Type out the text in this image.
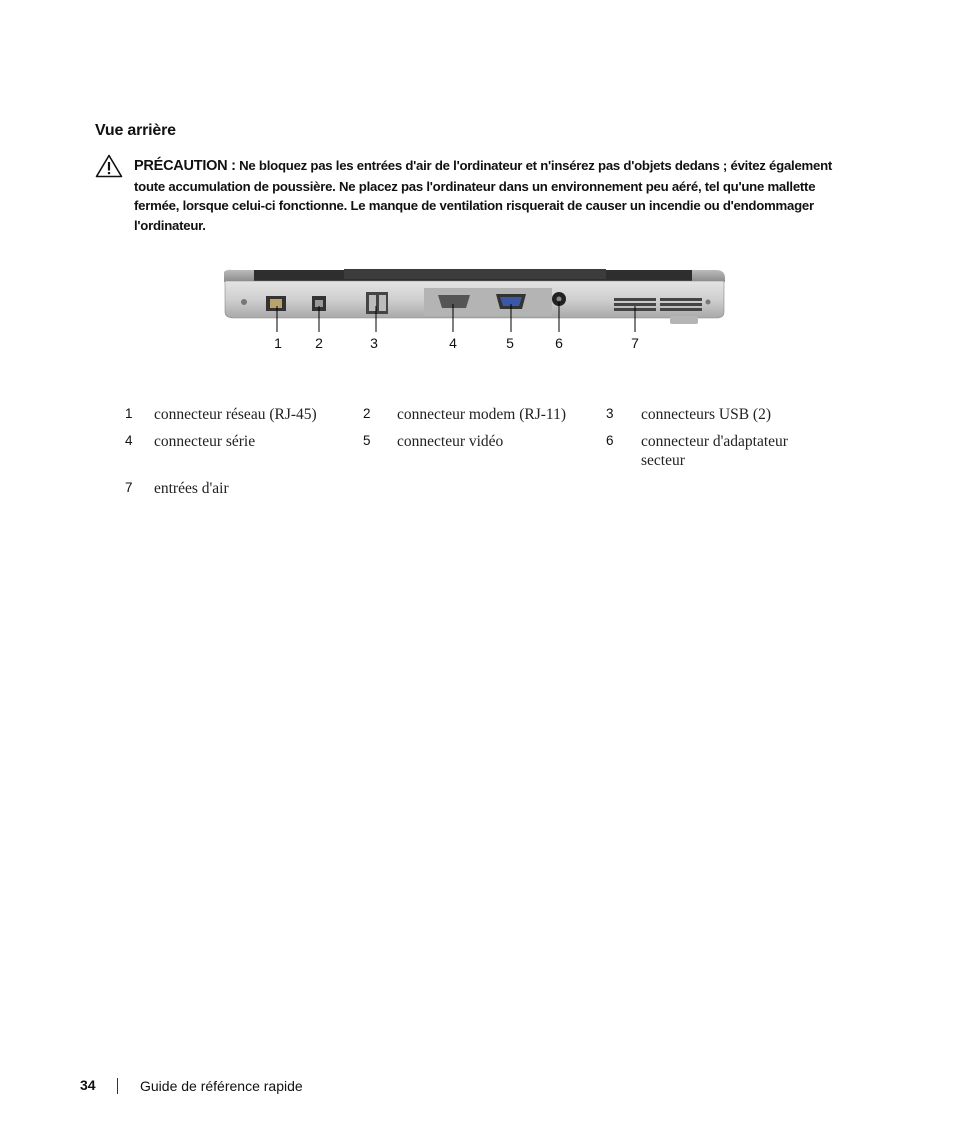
Vue arrière
PRÉCAUTION : Ne bloquez pas les entrées d'air de l'ordinateur et n'insérez pas d'objets dedans ; évitez également toute accumulation de poussière. Ne placez pas l'ordinateur dans un environnement peu aéré, tel qu'une mallette fermée, lorsque celui-ci fonctionne. Le manque de ventilation risquerait de causer un incendie ou d'endommager l'ordinateur.
1 2	3	4	5	6	7
1 connecteur réseau (RJ-45)	2 connecteur modem (RJ-11)	3 connecteurs USB (2)
4 connecteur série	5 connecteur vidéo	6 connecteur d'adaptateur secteur
7 entrées d'air
34	Guide de référence rapide
